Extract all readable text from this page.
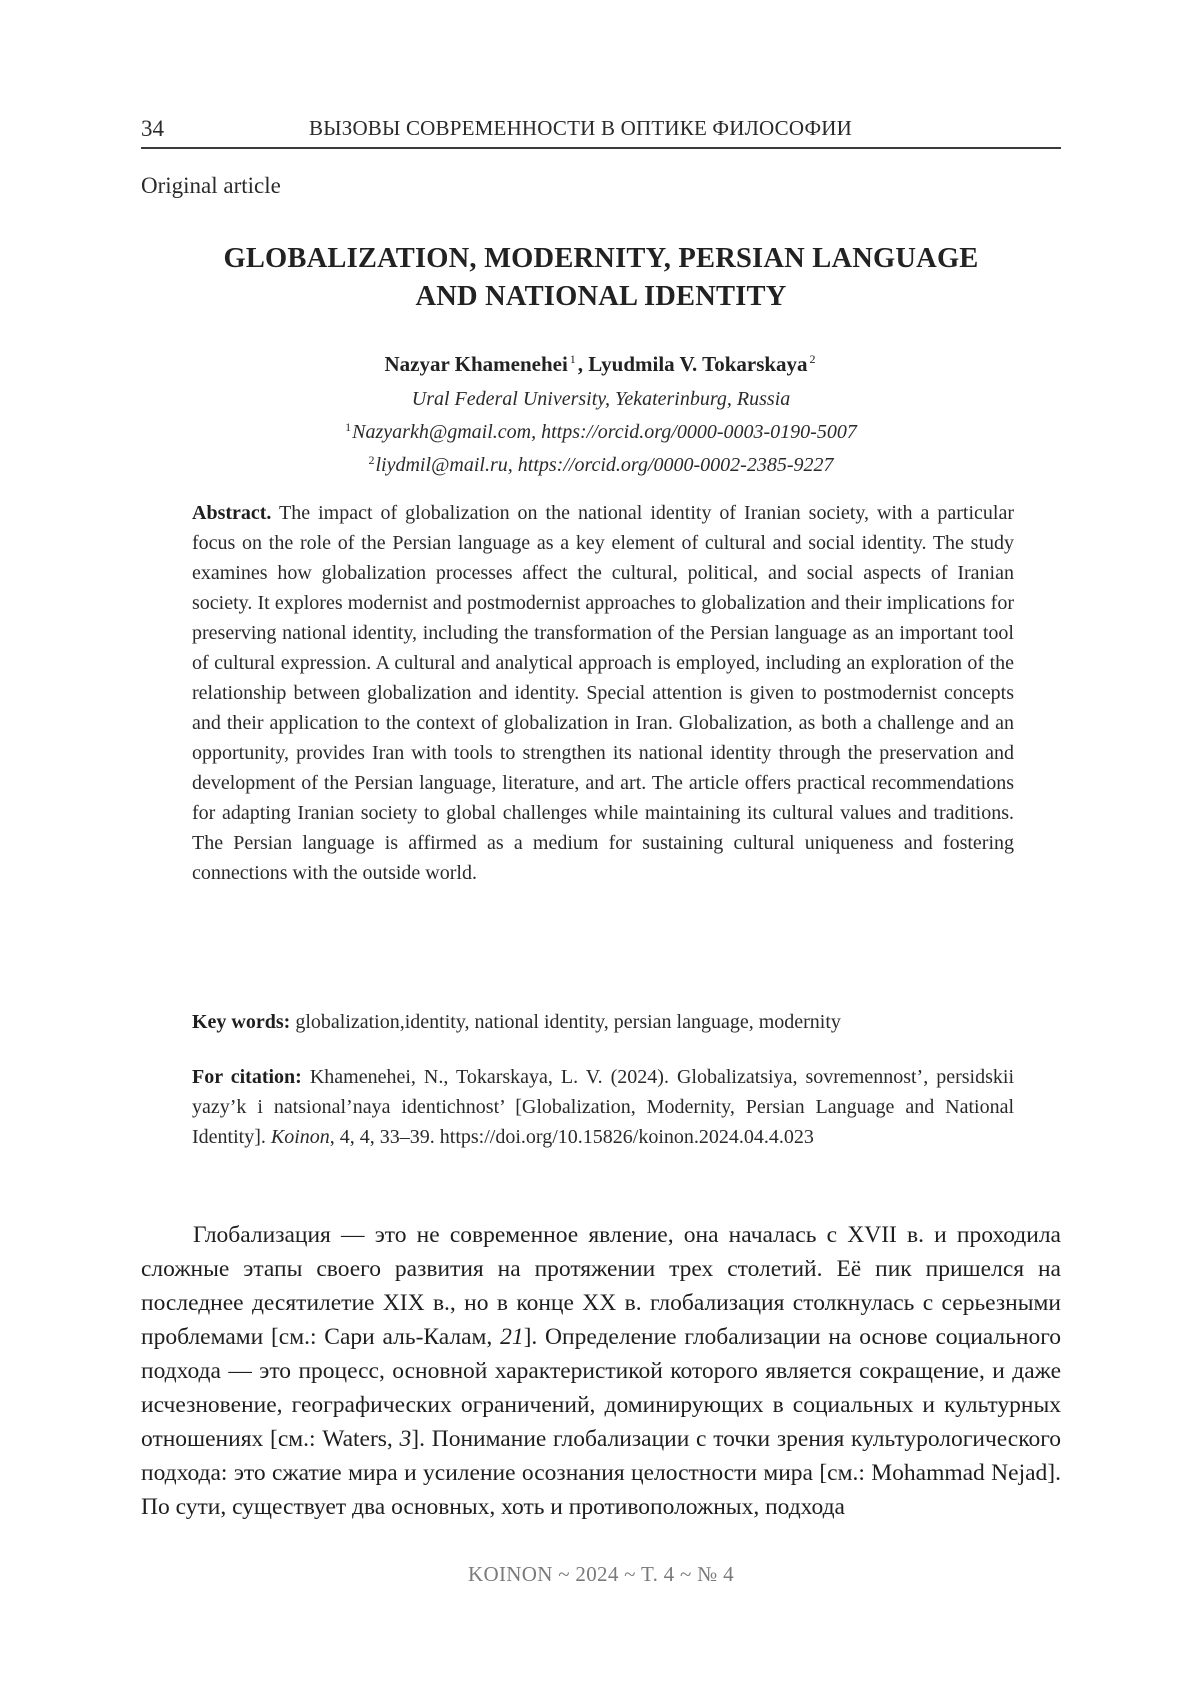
34	ВЫЗОВЫ СОВРЕМЕННОСТИ В ОПТИКЕ ФИЛОСОФИИ
Original article
GLOBALIZATION, MODERNITY, PERSIAN LANGUAGE
AND NATIONAL IDENTITY
Nazyar Khamenehei $^1$, Lyudmila V. Tokarskaya $^2$
Ural Federal University, Yekaterinburg, Russia
$^1$Nazyarkh@gmail.com, https://orcid.org/0000-0003-0190-5007
$^2$liydmil@mail.ru, https://orcid.org/0000-0002-2385-9227
Abstract. The impact of globalization on the national identity of Iranian society, with a particular focus on the role of the Persian language as a key element of cultural and social identity. The study examines how globalization processes affect the cultural, political, and social aspects of Iranian society. It explores modernist and postmodernist approaches to globalization and their implications for preserving national identity, including the transformation of the Persian language as an important tool of cultural expression. A cultural and analytical approach is employed, including an exploration of the relationship between globalization and identity. Special attention is given to postmodernist concepts and their application to the context of globalization in Iran. Globalization, as both a challenge and an opportunity, provides Iran with tools to strengthen its national identity through the preservation and development of the Persian language, literature, and art. The article offers practical recommendations for adapting Iranian society to global challenges while maintaining its cultural values and traditions. The Persian language is affirmed as a medium for sustaining cultural uniqueness and fostering connections with the outside world.
Key words: globalization,identity, national identity, persian language, modernity
For citation: Khamenehei, N., Tokarskaya, L. V. (2024). Globalizatsiya, sovremennost’, persidskii yazy’k i natsional’naya identichnost’ [Globalization, Modernity, Persian Language and National Identity]. Koinon, 4, 4, 33–39. https://doi.org/10.15826/koinon.2024.04.4.023

Глобализация — это не современное явление, она началась с XVII в. и проходила сложные этапы своего развития на протяжении трех столетий. Её пик пришелся на последнее десятилетие XIX в., но в конце XX в. глобализация столкнулась с серьезными проблемами [см.: Сари аль-Калам, 21]. Определение глобализации на основе социального подхода — это процесс, основной характеристикой которого является сокращение, и даже исчезновение, географических ограничений, доминирующих в социальных и культурных отношениях [см.: Waters, 3]. Понимание глобализации с точки зрения культурологического подхода: это сжатие мира и усиление осознания целостности мира [см.: Mohammad Nejad]. По сути, существует два основных, хоть и противоположных, подхода

KOINON ~ 2024 ~ T. 4 ~ № 4
